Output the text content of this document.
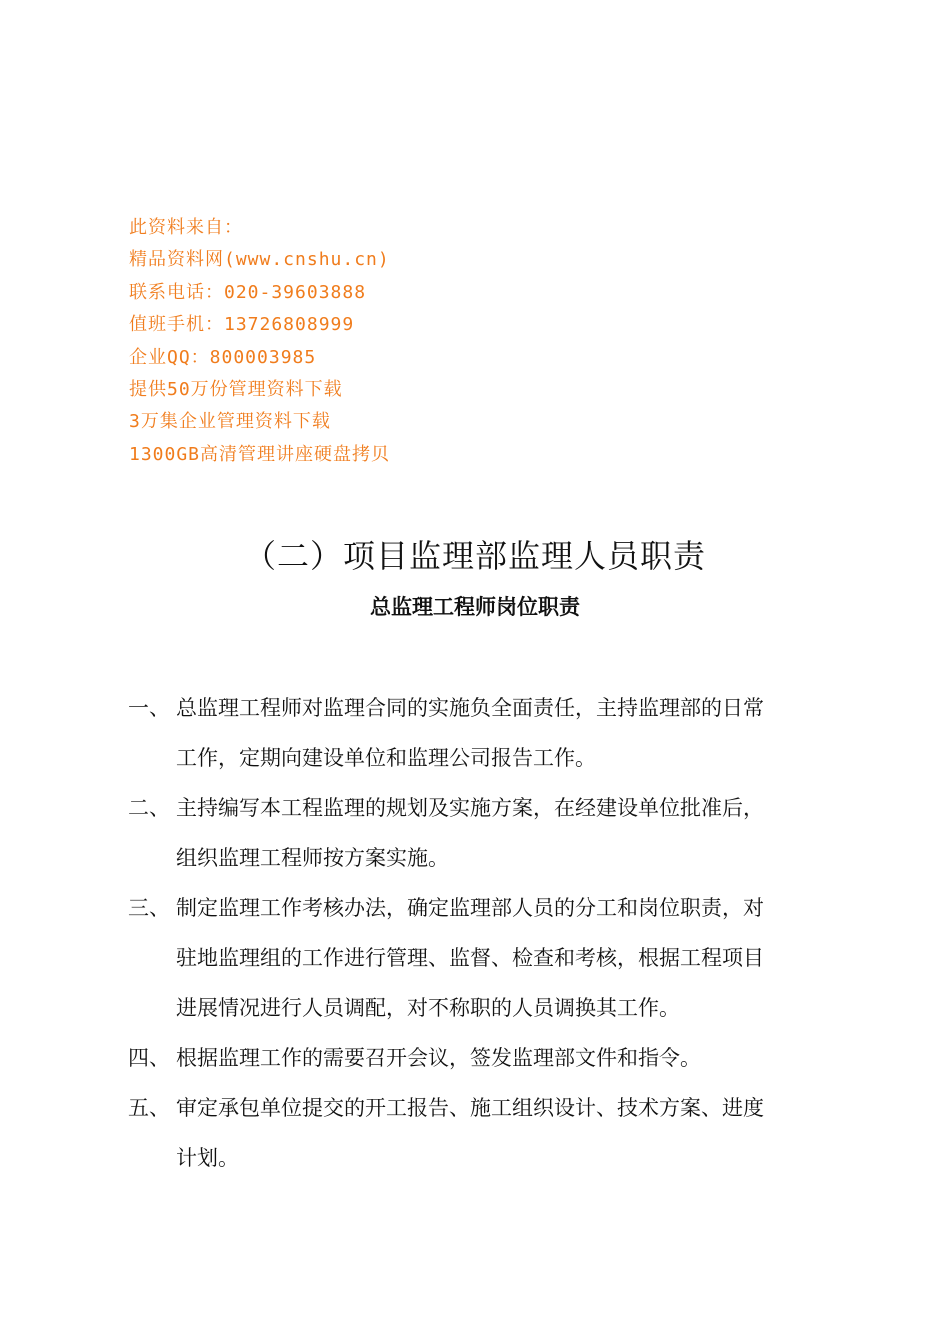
此资料来自：
精品资料网(www.cnshu.cn)
联系电话：020-39603888
值班手机：13726808999
企业QQ：800003985
提供50万份管理资料下载
3万集企业管理资料下载
1300GB高清管理讲座硬盘拷贝
（二）项目监理部监理人员职责
总监理工程师岗位职责
一、 总监理工程师对监理合同的实施负全面责任，主持监理部的日常
工作，定期向建设单位和监理公司报告工作。
二、 主持编写本工程监理的规划及实施方案，在经建设单位批准后，
组织监理工程师按方案实施。
三、 制定监理工作考核办法，确定监理部人员的分工和岗位职责，对
驻地监理组的工作进行管理、监督、检查和考核，根据工程项目
进展情况进行人员调配，对不称职的人员调换其工作。
四、 根据监理工作的需要召开会议，签发监理部文件和指令。
五、 审定承包单位提交的开工报告、施工组织设计、技术方案、进度
计划。
